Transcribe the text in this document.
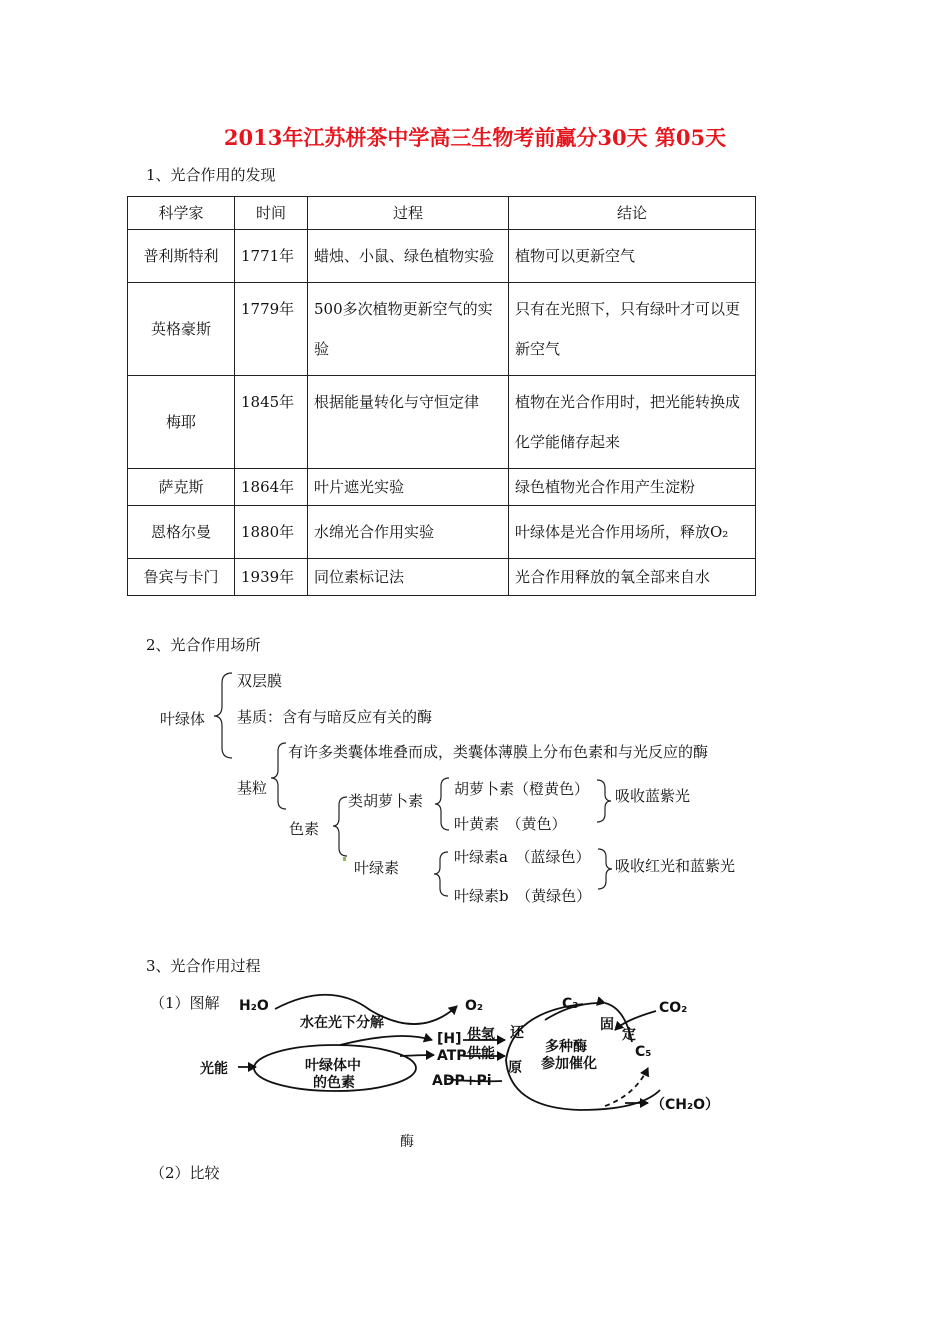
2013年江苏栟茶中学高三生物考前赢分30天 第05天
1、光合作用的发现
科学家	时间	过程	结论
普利斯特利	1771年	蜡烛、小鼠、绿色植物实验	植物可以更新空气
英格豪斯	1779年	500多次植物更新空气的实验	只有在光照下，只有绿叶才可以更新空气
梅耶	1845年	根据能量转化与守恒定律	植物在光合作用时，把光能转换成化学能储存起来
萨克斯	1864年	叶片遮光实验	绿色植物光合作用产生淀粉
恩格尔曼	1880年	水绵光合作用实验	叶绿体是光合作用场所，释放O₂
鲁宾与卡门	1939年	同位素标记法	光合作用释放的氧全部来自水
2、光合作用场所
叶绿体
双层膜
基质：含有与暗反应有关的酶
有许多类囊体堆叠而成，类囊体薄膜上分布色素和与光反应的酶
基粒
色素
类胡萝卜素
胡萝卜素（橙黄色）
叶黄素　（黄色）
吸收蓝紫光
叶绿素
叶绿素a　（蓝绿色）
叶绿素b　（黄绿色）
吸收红光和蓝紫光
3、光合作用过程
（1）图解 H₂O
水在光下分解
O₂
光能	叶绿体中
的色素
[H]
ATP
ADP+Pi
供氢
供能
还
原
多种酶
参加催化
C₃
固
定
CO₂
C₅
（CH₂O）
酶
（2）比较
